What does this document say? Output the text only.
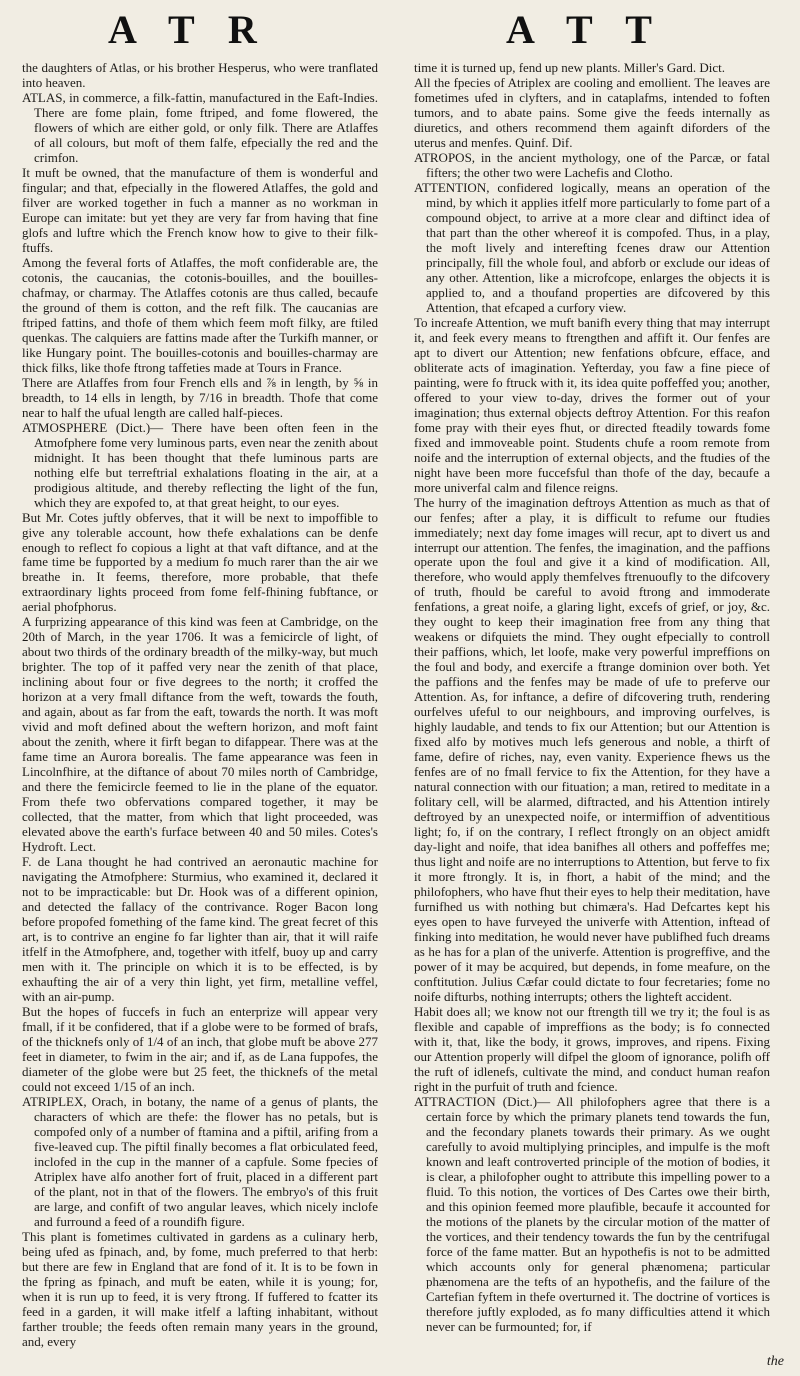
A T R	A T T

the daughters of Atlas, or his brother Hesperus, who were tranflated into heaven.

ATLAS, in commerce, a filk-fattin, manufactured in the Eaft-Indies. There are fome plain, fome ftriped, and fome flowered, the flowers of which are either gold, or only filk. There are Atlaffes of all colours, but moft of them falfe, efpecially the red and the crimfon.

It muft be owned, that the manufacture of them is wonderful and fingular; and that, efpecially in the flowered Atlaffes, the gold and filver are worked together in fuch a manner as no workman in Europe can imitate: but yet they are very far from having that fine glofs and luftre which the French know how to give to their filk-ftuffs.

Among the feveral forts of Atlaffes, the moft confiderable are, the cotonis, the caucanias, the cotonis-bouilles, and the bouilles-chafmay, or charmay. The Atlaffes cotonis are thus called, becaufe the ground of them is cotton, and the reft filk. The caucanias are ftriped fattins, and thofe of them which feem moft filky, are ftiled quenkas. The calquiers are fattins made after the Turkifh manner, or like Hungary point. The bouilles-cotonis and bouilles-charmay are thick filks, like thofe ftrong taffeties made at Tours in France.

There are Atlaffes from four French ells and ⅞ in length, by ⅝ in breadth, to 14 ells in length, by 7/16 in breadth. Thofe that come near to half the ufual length are called half-pieces.

ATMOSPHERE (Dict.)— There have been often feen in the Atmofphere fome very luminous parts, even near the zenith about midnight. It has been thought that thefe luminous parts are nothing elfe but terreftrial exhalations floating in the air, at a prodigious altitude, and thereby reflecting the light of the fun, which they are expofed to, at that great height, to our eyes.

But Mr. Cotes juftly obferves, that it will be next to impoffible to give any tolerable account, how thefe exhalations can be denfe enough to reflect fo copious a light at that vaft diftance, and at the fame time be fupported by a medium fo much rarer than the air we breathe in. It feems, therefore, more probable, that thefe extraordinary lights proceed from fome felf-fhining fubftance, or aerial phofphorus.

A furprizing appearance of this kind was feen at Cambridge, on the 20th of March, in the year 1706. It was a femicircle of light, of about two thirds of the ordinary breadth of the milky-way, but much brighter. The top of it paffed very near the zenith of that place, inclining about four or five degrees to the north; it croffed the horizon at a very fmall diftance from the weft, towards the fouth, and again, about as far from the eaft, towards the north. It was moft vivid and moft defined about the weftern horizon, and moft faint about the zenith, where it firft began to difappear. There was at the fame time an Aurora borealis. The fame appearance was feen in Lincolnfhire, at the diftance of about 70 miles north of Cambridge, and there the femicircle feemed to lie in the plane of the equator. From thefe two obfervations compared together, it may be collected, that the matter, from which that light proceeded, was elevated above the earth's furface between 40 and 50 miles. Cotes's Hydroft. Lect.

F. de Lana thought he had contrived an aeronautic machine for navigating the Atmofphere: Sturmius, who examined it, declared it not to be impracticable: but Dr. Hook was of a different opinion, and detected the fallacy of the contrivance. Roger Bacon long before propofed fomething of the fame kind. The great fecret of this art, is to contrive an engine fo far lighter than air, that it will raife itfelf in the Atmofphere, and, together with itfelf, buoy up and carry men with it. The principle on which it is to be effected, is by exhaufting the air of a very thin light, yet firm, metalline veffel, with an air-pump.

But the hopes of fuccefs in fuch an enterprize will appear very fmall, if it be confidered, that if a globe were to be formed of brafs, of the thicknefs only of 1/4 of an inch, that globe muft be above 277 feet in diameter, to fwim in the air; and if, as de Lana fuppofes, the diameter of the globe were but 25 feet, the thicknefs of the metal could not exceed 1/15 of an inch.

ATRIPLEX, Orach, in botany, the name of a genus of plants, the characters of which are thefe: the flower has no petals, but is compofed only of a number of ftamina and a piftil, arifing from a five-leaved cup. The piftil finally becomes a flat orbiculated feed, inclofed in the cup in the manner of a capfule. Some fpecies of Atriplex have alfo another fort of fruit, placed in a different part of the plant, not in that of the flowers. The embryo's of this fruit are large, and confift of two angular leaves, which nicely inclofe and furround a feed of a roundifh figure.

This plant is fometimes cultivated in gardens as a culinary herb, being ufed as fpinach, and, by fome, much preferred to that herb: but there are few in England that are fond of it. It is to be fown in the fpring as fpinach, and muft be eaten, while it is young; for, when it is run up to feed, it is very ftrong. If fuffered to fcatter its feed in a garden, it will make itfelf a lafting inhabitant, without farther trouble; the feeds often remain many years in the ground, and, every

time it is turned up, fend up new plants. Miller's Gard. Dict.

All the fpecies of Atriplex are cooling and emollient. The leaves are fometimes ufed in clyfters, and in cataplafms, intended to foften tumors, and to abate pains. Some give the feeds internally as diuretics, and others recommend them againft diforders of the uterus and menfes. Quinf. Dif.

ATROPOS, in the ancient mythology, one of the Parcæ, or fatal fifters; the other two were Lachefis and Clotho.

ATTENTION, confidered logically, means an operation of the mind, by which it applies itfelf more particularly to fome part of a compound object, to arrive at a more clear and diftinct idea of that part than the other whereof it is compofed. Thus, in a play, the moft lively and interefting fcenes draw our Attention principally, fill the whole foul, and abforb or exclude our ideas of any other. Attention, like a microfcope, enlarges the objects it is applied to, and a thoufand properties are difcovered by this Attention, that efcaped a curfory view.

To increafe Attention, we muft banifh every thing that may interrupt it, and feek every means to ftrengthen and affift it. Our fenfes are apt to divert our Attention; new fenfations obfcure, efface, and obliterate acts of imagination. Yefterday, you faw a fine piece of painting, were fo ftruck with it, its idea quite poffeffed you; another, offered to your view to-day, drives the former out of your imagination; thus external objects deftroy Attention. For this reafon fome pray with their eyes fhut, or directed fteadily towards fome fixed and immoveable point. Students chufe a room remote from noife and the interruption of external objects, and the ftudies of the night have been more fuccefsful than thofe of the day, becaufe a more univerfal calm and filence reigns.

The hurry of the imagination deftroys Attention as much as that of our fenfes; after a play, it is difficult to refume our ftudies immediately; next day fome images will recur, apt to divert us and interrupt our attention. The fenfes, the imagination, and the paffions operate upon the foul and give it a kind of modification. All, therefore, who would apply themfelves ftrenuoufly to the difcovery of truth, fhould be careful to avoid ftrong and immoderate fenfations, a great noife, a glaring light, excefs of grief, or joy, &c. they ought to keep their imagination free from any thing that weakens or difquiets the mind. They ought efpecially to controll their paffions, which, let loofe, make very powerful impreffions on the foul and body, and exercife a ftrange dominion over both. Yet the paffions and the fenfes may be made of ufe to preferve our Attention. As, for inftance, a defire of difcovering truth, rendering ourfelves ufeful to our neighbours, and improving ourfelves, is highly laudable, and tends to fix our Attention; but our Attention is fixed alfo by motives much lefs generous and noble, a thirft of fame, defire of riches, nay, even vanity. Experience fhews us the fenfes are of no fmall fervice to fix the Attention, for they have a natural connection with our fituation; a man, retired to meditate in a folitary cell, will be alarmed, diftracted, and his Attention intirely deftroyed by an unexpected noife, or intermiffion of adventitious light; fo, if on the contrary, I reflect ftrongly on an object amidft day-light and noife, that idea banifhes all others and poffeffes me; thus light and noife are no interruptions to Attention, but ferve to fix it more ftrongly. It is, in fhort, a habit of the mind; and the philofophers, who have fhut their eyes to help their meditation, have furnifhed us with nothing but chimæra's. Had Defcartes kept his eyes open to have furveyed the univerfe with Attention, inftead of finking into meditation, he would never have publifhed fuch dreams as he has for a plan of the univerfe. Attention is progreffive, and the power of it may be acquired, but depends, in fome meafure, on the conftitution. Julius Cæfar could dictate to four fecretaries; fome no noife difturbs, nothing interrupts; others the lighteft accident.

Habit does all; we know not our ftrength till we try it; the foul is as flexible and capable of impreffions as the body; is fo connected with it, that, like the body, it grows, improves, and ripens. Fixing our Attention properly will difpel the gloom of ignorance, polifh off the ruft of idlenefs, cultivate the mind, and conduct human reafon right in the purfuit of truth and fcience.

ATTRACTION (Dict.)— All philofophers agree that there is a certain force by which the primary planets tend towards the fun, and the fecondary planets towards their primary. As we ought carefully to avoid multiplying principles, and impulfe is the moft known and leaft controverted principle of the motion of bodies, it is clear, a philofopher ought to attribute this impelling power to a fluid. To this notion, the vortices of Des Cartes owe their birth, and this opinion feemed more plaufible, becaufe it accounted for the motions of the planets by the circular motion of the matter of the vortices, and their tendency towards the fun by the centrifugal force of the fame matter. But an hypothefis is not to be admitted which accounts only for general phænomena; particular phænomena are the tefts of an hypothefis, and the failure of the Cartefian fyftem in thefe overturned it. The doctrine of vortices is therefore juftly exploded, as fo many difficulties attend it which never can be furmounted; for, if

the
